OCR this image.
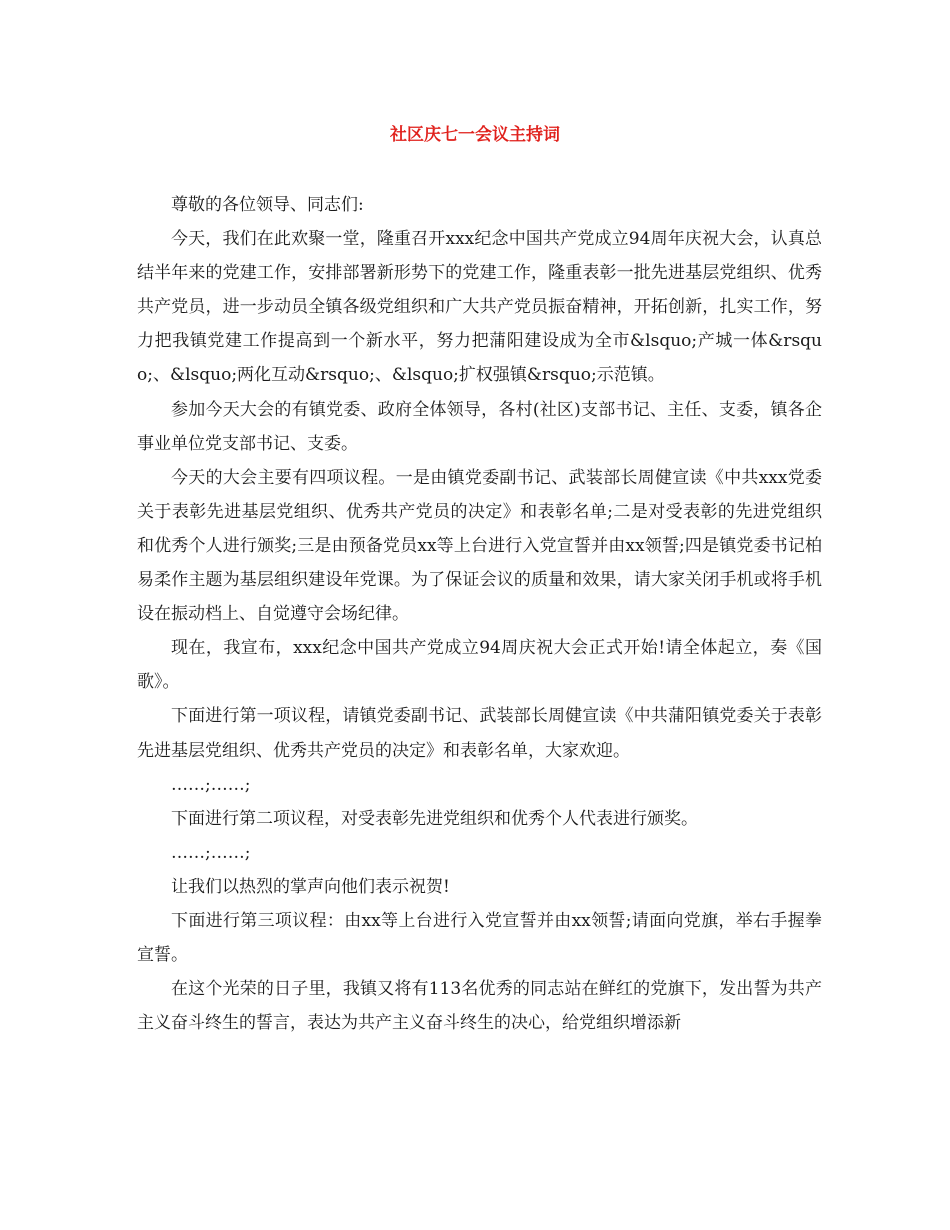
社区庆七一会议主持词

尊敬的各位领导、同志们:

今天，我们在此欢聚一堂，隆重召开xxx纪念中国共产党成立94周年庆祝大会，认真总结半年来的党建工作，安排部署新形势下的党建工作，隆重表彰一批先进基层党组织、优秀共产党员，进一步动员全镇各级党组织和广大共产党员振奋精神，开拓创新，扎实工作，努力把我镇党建工作提高到一个新水平，努力把蒲阳建设成为全市&lsquo;产城一体&rsquo;、&lsquo;两化互动&rsquo;、&lsquo;扩权强镇&rsquo;示范镇。

参加今天大会的有镇党委、政府全体领导，各村(社区)支部书记、主任、支委，镇各企事业单位党支部书记、支委。

今天的大会主要有四项议程。一是由镇党委副书记、武装部长周健宣读《中共xxx党委关于表彰先进基层党组织、优秀共产党员的决定》和表彰名单;二是对受表彰的先进党组织和优秀个人进行颁奖;三是由预备党员xx等上台进行入党宣誓并由xx领誓;四是镇党委书记柏易柔作主题为基层组织建设年党课。为了保证会议的质量和效果，请大家关闭手机或将手机设在振动档上、自觉遵守会场纪律。

现在，我宣布，xxx纪念中国共产党成立94周庆祝大会正式开始!请全体起立，奏《国歌》。

下面进行第一项议程，请镇党委副书记、武装部长周健宣读《中共蒲阳镇党委关于表彰先进基层党组织、优秀共产党员的决定》和表彰名单，大家欢迎。

……;……;

下面进行第二项议程，对受表彰先进党组织和优秀个人代表进行颁奖。

……;……;

让我们以热烈的掌声向他们表示祝贺!

下面进行第三项议程：由xx等上台进行入党宣誓并由xx领誓;请面向党旗，举右手握拳宣誓。

在这个光荣的日子里，我镇又将有113名优秀的同志站在鲜红的党旗下，发出誓为共产主义奋斗终生的誓言，表达为共产主义奋斗终生的决心，给党组织增添新
